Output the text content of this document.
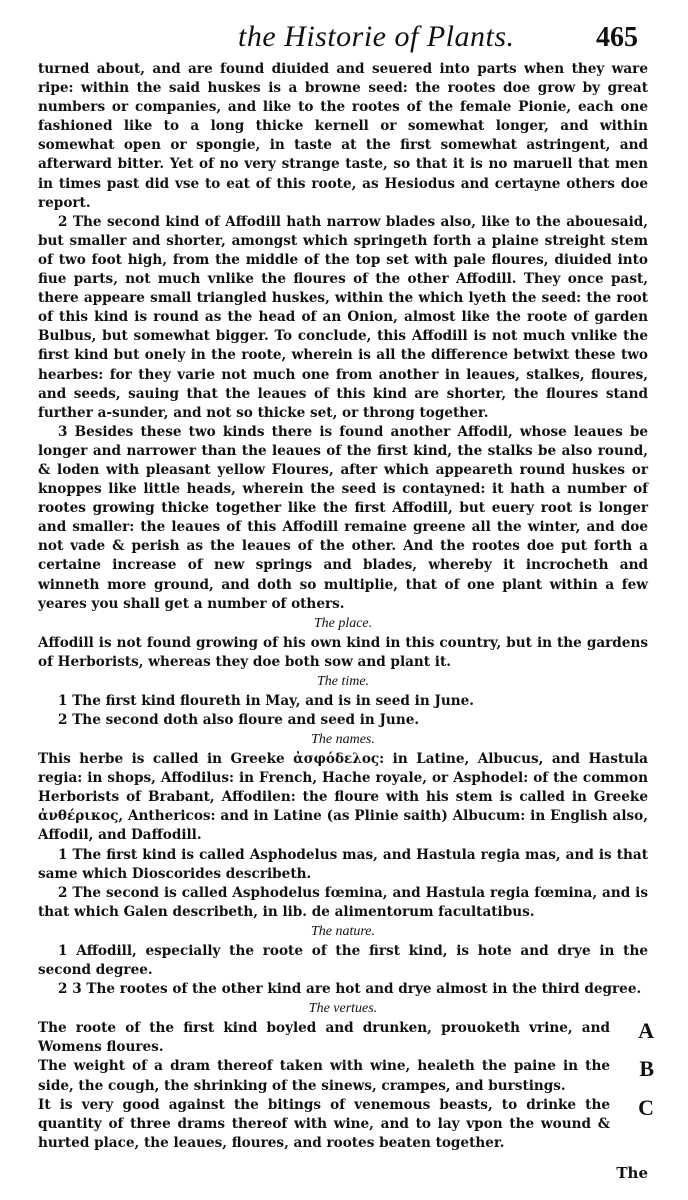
the Historie of Plants.	465

turned about, and are found diuided and seuered into parts when they ware ripe: within the said huskes is a browne seed: the rootes doe grow by great numbers or companies, and like to the rootes of the female Pionie, each one fashioned like to a long thicke kernell or somewhat longer, and within somewhat open or spongie, in taste at the first somewhat astringent, and afterward bitter. Yet of no very strange taste, so that it is no maruell that men in times past did vse to eat of this roote, as Hesiodus and certayne others doe report.

2 The second kind of Affodill hath narrow blades also, like to the abouesaid, but smaller and shorter, amongst which springeth forth a plaine streight stem of two foot high, from the middle of the top set with pale floures, diuided into fiue parts, not much vnlike the floures of the other Affodill. They once past, there appeare small triangled huskes, within the which lyeth the seed: the root of this kind is round as the head of an Onion, almost like the roote of garden Bulbus, but somewhat bigger. To conclude, this Affodill is not much vnlike the first kind but onely in the roote, wherein is all the difference betwixt these two hearbes: for they varie not much one from another in leaues, stalkes, floures, and seeds, sauing that the leaues of this kind are shorter, the floures stand further a-sunder, and not so thicke set, or throng together.

3 Besides these two kinds there is found another Affodil, whose leaues be longer and narrower than the leaues of the first kind, the stalks be also round, & loden with pleasant yellow Floures, after which appeareth round huskes or knoppes like little heads, wherein the seed is contayned: it hath a number of rootes growing thicke together like the first Affodill, but euery root is longer and smaller: the leaues of this Affodill remaine greene all the winter, and doe not vade & perish as the leaues of the other. And the rootes doe put forth a certaine increase of new springs and blades, whereby it incrocheth and winneth more ground, and doth so multiplie, that of one plant within a few yeares you shall get a number of others.

The place.

Affodill is not found growing of his own kind in this country, but in the gardens of Herborists, whereas they doe both sow and plant it.

The time.

1 The first kind floureth in May, and is in seed in June.

2 The second doth also floure and seed in June.

The names.

This herbe is called in Greeke ἀσφόδελος: in Latine, Albucus, and Hastula regia: in shops, Affodilus: in French, Hache royale, or Asphodel: of the common Herborists of Brabant, Affodilen: the floure with his stem is called in Greeke ἀνθέρικος, Anthericos: and in Latine (as Plinie saith) Albucum: in English also, Affodil, and Daffodill.

1 The first kind is called Asphodelus mas, and Hastula regia mas, and is that same which Dioscorides describeth.

2 The second is called Asphodelus fœmina, and Hastula regia fœmina, and is that which Galen describeth, in lib. de alimentorum facultatibus.

The nature.

1 Affodill, especially the roote of the first kind, is hote and drye in the second degree.

2 3 The rootes of the other kind are hot and drye almost in the third degree.

The vertues.

The roote of the first kind boyled and drunken, prouoketh vrine, and Womens floures.

A

The weight of a dram thereof taken with wine, healeth the paine in the side, the cough, the shrinking of the sinews, crampes, and burstings.

B

It is very good against the bitings of venemous beasts, to drinke the quantity of three drams thereof with wine, and to lay vpon the wound & hurted place, the leaues, floures, and rootes beaten together.

C
The
